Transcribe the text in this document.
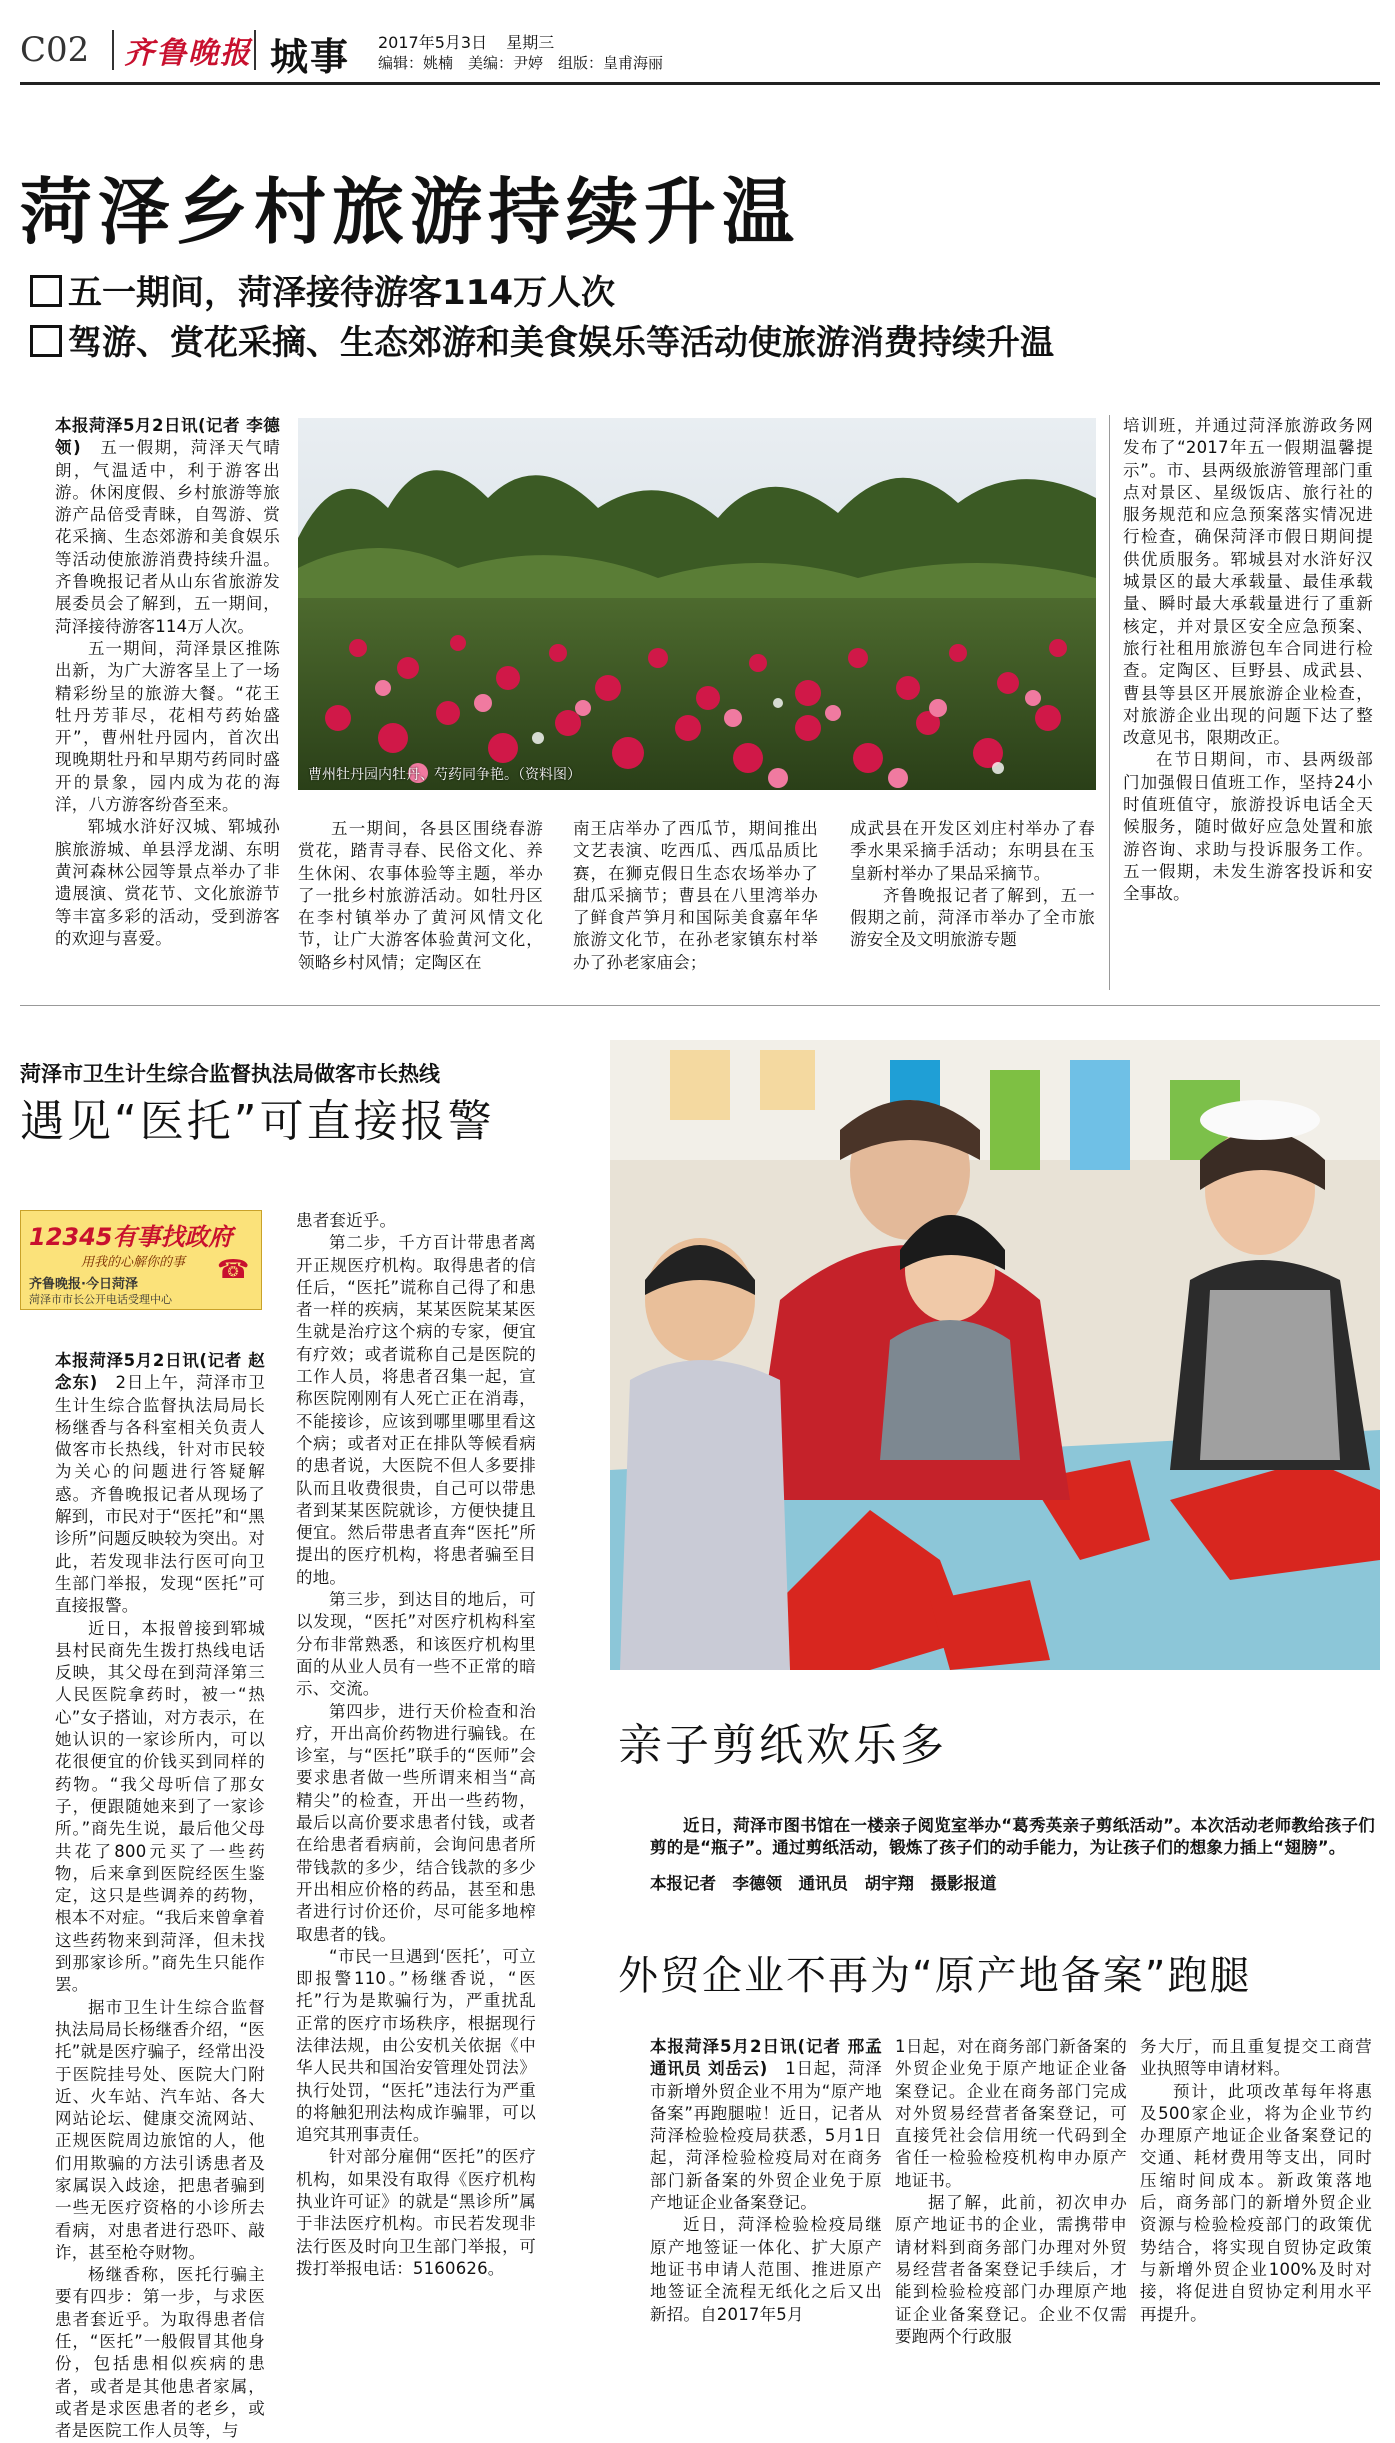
C02 齐鲁晚报 城事 2017年5月3日 星期三
编辑：姚楠　美编：尹婷　组版：皇甫海丽
菏泽乡村旅游持续升温
五一期间，菏泽接待游客114万人次
驾游、赏花采摘、生态郊游和美食娱乐等活动使旅游消费持续升温

本报菏泽5月2日讯(记者 李德领)　 五一假期，菏泽天气晴朗，气温适中，利于游客出游。休闲度假、乡村旅游等旅游产品倍受青睐，自驾游、赏花采摘、生态郊游和美食娱乐等活动使旅游消费持续升温。齐鲁晚报记者从山东省旅游发展委员会了解到，五一期间，菏泽接待游客114万人次。

五一期间，菏泽景区推陈出新，为广大游客呈上了一场精彩纷呈的旅游大餐。“花王牡丹芳菲尽，花相芍药始盛开”，曹州牡丹园内，首次出现晚期牡丹和早期芍药同时盛开的景象，园内成为花的海洋，八方游客纷沓至来。

郓城水浒好汉城、郓城孙膑旅游城、单县浮龙湖、东明黄河森林公园等景点举办了非遗展演、赏花节、文化旅游节等丰富多彩的活动，受到游客的欢迎与喜爱。

曹州牡丹园内牡丹、芍药同争艳。（资料图）

五一期间，各县区围绕春游赏花，踏青寻春、民俗文化、养生休闲、农事体验等主题，举办了一批乡村旅游活动。如牡丹区在李村镇举办了黄河风情文化节，让广大游客体验黄河文化，领略乡村风情；定陶区在

南王店举办了西瓜节，期间推出文艺表演、吃西瓜、西瓜品质比赛，在狮克假日生态农场举办了甜瓜采摘节；曹县在八里湾举办了鲜食芦笋月和国际美食嘉年华旅游文化节，在孙老家镇东村举办了孙老家庙会；

成武县在开发区刘庄村举办了春季水果采摘手活动；东明县在玉皇新村举办了果品采摘节。

齐鲁晚报记者了解到，五一假期之前，菏泽市举办了全市旅游安全及文明旅游专题

培训班，并通过菏泽旅游政务网发布了“2017年五一假期温馨提示”。市、县两级旅游管理部门重点对景区、星级饭店、旅行社的服务规范和应急预案落实情况进行检查，确保菏泽市假日期间提供优质服务。郓城县对水浒好汉城景区的最大承载量、最佳承载量、瞬时最大承载量进行了重新核定，并对景区安全应急预案、旅行社租用旅游包车合同进行检查。定陶区、巨野县、成武县、曹县等县区开展旅游企业检查，对旅游企业出现的问题下达了整改意见书，限期改正。

在节日期间，市、县两级部门加强假日值班工作，坚持24小时值班值守，旅游投诉电话全天候服务，随时做好应急处置和旅游咨询、求助与投诉服务工作。五一假期，未发生游客投诉和安全事故。

菏泽市卫生计生综合监督执法局做客市长热线
遇见“医托”可直接报警
12345有事找政府
用我的心解你的事
齐鲁晚报·今日菏泽	☎
菏泽市市长公开电话受理中心

本报菏泽5月2日讯(记者 赵念东)　 2日上午，菏泽市卫生计生综合监督执法局局长杨继香与各科室相关负责人做客市长热线，针对市民较为关心的问题进行答疑解惑。齐鲁晚报记者从现场了解到，市民对于“医托”和“黑诊所”问题反映较为突出。对此，若发现非法行医可向卫生部门举报，发现“医托”可直接报警。

近日，本报曾接到郓城县村民商先生拨打热线电话反映，其父母在到菏泽第三人民医院拿药时，被一“热心”女子搭讪，对方表示，在她认识的一家诊所内，可以花很便宜的价钱买到同样的药物。“我父母听信了那女子，便跟随她来到了一家诊所。”商先生说，最后他父母共花了800元买了一些药物，后来拿到医院经医生鉴定，这只是些调养的药物，根本不对症。“我后来曾拿着这些药物来到菏泽，但未找到那家诊所。”商先生只能作罢。

据市卫生计生综合监督执法局局长杨继香介绍，“医托”就是医疗骗子，经常出没于医院挂号处、医院大门附近、火车站、汽车站、各大网站论坛、健康交流网站、正规医院周边旅馆的人，他们用欺骗的方法引诱患者及家属误入歧途，把患者骗到一些无医疗资格的小诊所去看病，对患者进行恐吓、敲诈，甚至枪夺财物。

杨继香称，医托行骗主要有四步：第一步，与求医患者套近乎。为取得患者信任，“医托”一般假冒其他身份，包括患相似疾病的患者，或者是其他患者家属，或者是求医患者的老乡，或者是医院工作人员等，与

患者套近乎。

第二步，千方百计带患者离开正规医疗机构。取得患者的信任后，“医托”谎称自己得了和患者一样的疾病，某某医院某某医生就是治疗这个病的专家，便宜有疗效；或者谎称自己是医院的工作人员，将患者召集一起，宣称医院刚刚有人死亡正在消毒，不能接诊，应该到哪里哪里看这个病；或者对正在排队等候看病的患者说，大医院不但人多要排队而且收费很贵，自己可以带患者到某某医院就诊，方便快捷且便宜。然后带患者直奔“医托”所提出的医疗机构，将患者骗至目的地。

第三步，到达目的地后，可以发现，“医托”对医疗机构科室分布非常熟悉，和该医疗机构里面的从业人员有一些不正常的暗示、交流。

第四步，进行天价检查和治疗，开出高价药物进行骗钱。在诊室，与“医托”联手的“医师”会要求患者做一些所谓来相当“高精尖”的检查，开出一些药物，最后以高价要求患者付钱，或者在给患者看病前，会询问患者所带钱款的多少，结合钱款的多少开出相应价格的药品，甚至和患者进行讨价还价，尽可能多地榨取患者的钱。

“市民一旦遇到‘医托’，可立即报警110。”杨继香说，“医托”行为是欺骗行为，严重扰乱正常的医疗市场秩序，根据现行法律法规，由公安机关依据《中华人民共和国治安管理处罚法》执行处罚，“医托”违法行为严重的将触犯刑法构成诈骗罪，可以追究其刑事责任。

针对部分雇佣“医托”的医疗机构，如果没有取得《医疗机构执业许可证》的就是“黑诊所”属于非法医疗机构。市民若发现非法行医及时向卫生部门举报，可拨打举报电话：5160626。

亲子剪纸欢乐多

近日，菏泽市图书馆在一楼亲子阅览室举办“葛秀英亲子剪纸活动”。本次活动老师教给孩子们剪的是“瓶子”。通过剪纸活动，锻炼了孩子们的动手能力，为让孩子们的想象力插上“翅膀”。

本报记者　李德领　通讯员　胡宇翔　摄影报道
外贸企业不再为“原产地备案”跑腿

本报菏泽5月2日讯(记者 邢孟　通讯员 刘岳云)　 1日起，菏泽市新增外贸企业不用为“原产地备案”再跑腿啦！近日，记者从菏泽检验检疫局获悉，5月1日起，菏泽检验检疫局对在商务部门新备案的外贸企业免于原产地证企业备案登记。

近日，菏泽检验检疫局继原产地签证一体化、扩大原产地证书申请人范围、推进原产地签证全流程无纸化之后又出新招。自2017年5月

1日起，对在商务部门新备案的外贸企业免于原产地证企业备案登记。企业在商务部门完成对外贸易经营者备案登记，可直接凭社会信用统一代码到全省任一检验检疫机构申办原产地证书。

据了解，此前，初次申办原产地证书的企业，需携带申请材料到商务部门办理对外贸易经营者备案登记手续后，才能到检验检疫部门办理原产地证企业备案登记。企业不仅需要跑两个行政服

务大厅，而且重复提交工商营业执照等申请材料。

预计，此项改革每年将惠及500家企业，将为企业节约办理原产地证企业备案登记的交通、耗材费用等支出，同时压缩时间成本。新政策落地后，商务部门的新增外贸企业资源与检验检疫部门的政策优势结合，将实现自贸协定政策与新增外贸企业100%及时对接，将促进自贸协定利用水平再提升。
